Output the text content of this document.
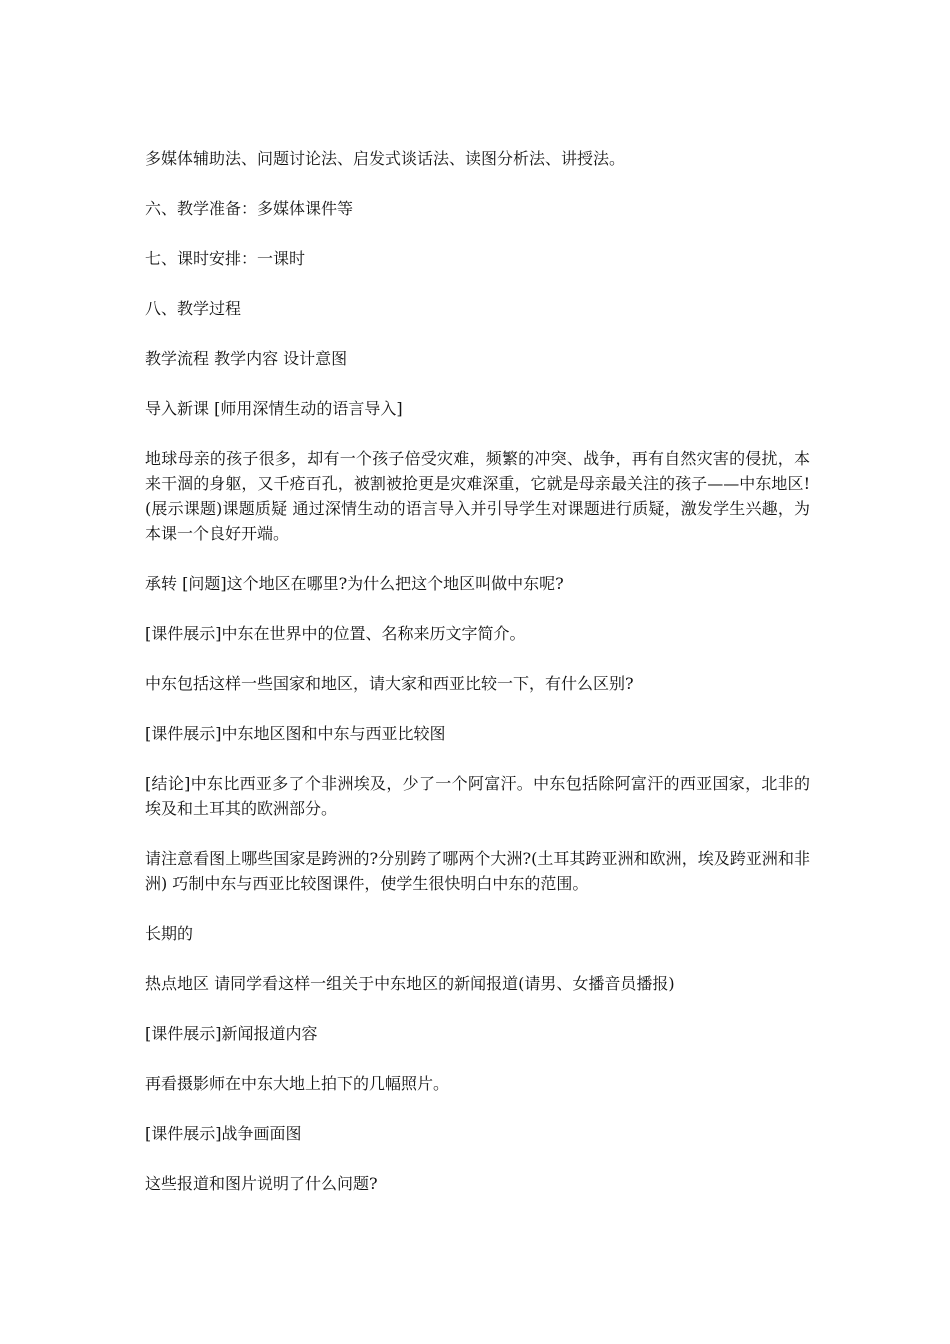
多媒体辅助法、问题讨论法、启发式谈话法、读图分析法、讲授法。

六、教学准备：多媒体课件等

七、课时安排：一课时

八、教学过程

教学流程 教学内容 设计意图

导入新课 [师用深情生动的语言导入]

地球母亲的孩子很多，却有一个孩子倍受灾难，频繁的冲突、战争，再有自然灾害的侵扰，本来干涸的身躯，又千疮百孔，被割被抢更是灾难深重，它就是母亲最关注的孩子——中东地区!(展示课题)课题质疑 通过深情生动的语言导入并引导学生对课题进行质疑，激发学生兴趣，为本课一个良好开端。

承转 [问题]这个地区在哪里?为什么把这个地区叫做中东呢?

[课件展示]中东在世界中的位置、名称来历文字简介。

中东包括这样一些国家和地区，请大家和西亚比较一下，有什么区别?

[课件展示]中东地区图和中东与西亚比较图

[结论]中东比西亚多了个非洲埃及，少了一个阿富汗。中东包括除阿富汗的西亚国家，北非的埃及和土耳其的欧洲部分。

请注意看图上哪些国家是跨洲的?分别跨了哪两个大洲?(土耳其跨亚洲和欧洲，埃及跨亚洲和非洲) 巧制中东与西亚比较图课件，使学生很快明白中东的范围。

长期的

热点地区 请同学看这样一组关于中东地区的新闻报道(请男、女播音员播报)

[课件展示]新闻报道内容

再看摄影师在中东大地上拍下的几幅照片。

[课件展示]战争画面图

这些报道和图片说明了什么问题?
